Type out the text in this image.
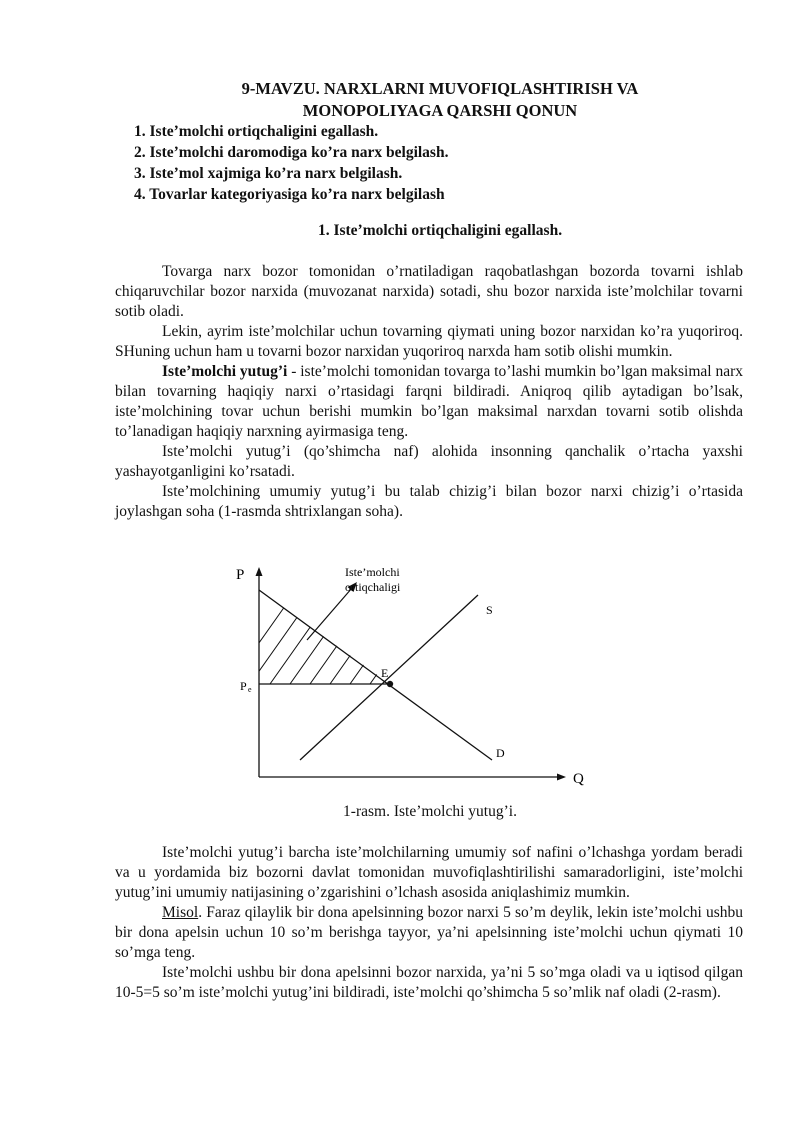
9-MAVZU. NARXLARNI MUVOFIQLASHTIRISH VA
MONOPOLIYAGA QARSHI QONUN
1. Iste’molchi ortiqchaligini egallash.
2. Iste’molchi daromodiga ko’ra narx belgilash.
3. Iste’mol xajmiga ko’ra narx belgilash.
4. Tovarlar kategoriyasiga ko’ra narx belgilash
1. Iste’molchi ortiqchaligini egallash.

Tovarga narx bozor tomonidan o’rnatiladigan raqobatlashgan bozorda tovarni ishlab chiqaruvchilar bozor narxida (muvozanat narxida) sotadi, shu bozor narxida iste’molchilar tovarni sotib oladi.

Lekin, ayrim iste’molchilar uchun tovarning qiymati uning bozor narxidan ko’ra yuqoriroq. SHuning uchun ham u tovarni bozor narxidan yuqoriroq narxda ham sotib olishi mumkin.

Iste’molchi yutug’i - iste’molchi tomonidan tovarga to’lashi mumkin bo’lgan maksimal narx bilan tovarning haqiqiy narxi o’rtasidagi farqni bildiradi. Aniqroq qilib aytadigan bo’lsak, iste’molchining tovar uchun berishi mumkin bo’lgan maksimal narxdan tovarni sotib olishda to’lanadigan haqiqiy narxning ayirmasiga teng.

Iste’molchi yutug’i (qo’shimcha naf) alohida insonning qanchalik o’rtacha yaxshi yashayotganligini ko’rsatadi.

Iste’molchining umumiy yutug’i bu talab chizig’i bilan bozor narxi chizig’i o’rtasida joylashgan soha (1-rasmda shtrixlangan soha).

P
Q
P e
E
S
D
Iste’molchi
ortiqchaligi
1-rasm. Iste’molchi yutug’i.

Iste’molchi yutug’i barcha iste’molchilarning umumiy sof nafini o’lchashga yordam beradi va u yordamida biz bozorni davlat tomonidan muvofiqlashtirilishi samaradorligini, iste’molchi yutug’ini umumiy natijasining o’zgarishini o’lchash asosida aniqlashimiz mumkin.

Misol. Faraz qilaylik bir dona apelsinning bozor narxi 5 so’m deylik, lekin iste’molchi ushbu bir dona apelsin uchun 10 so’m berishga tayyor, ya’ni apelsinning iste’molchi uchun qiymati 10 so’mga teng.

Iste’molchi ushbu bir dona apelsinni bozor narxida, ya’ni 5 so’mga oladi va u iqtisod qilgan 10-5=5 so’m iste’molchi yutug’ini bildiradi, iste’molchi qo’shimcha 5 so’mlik naf oladi (2-rasm).
